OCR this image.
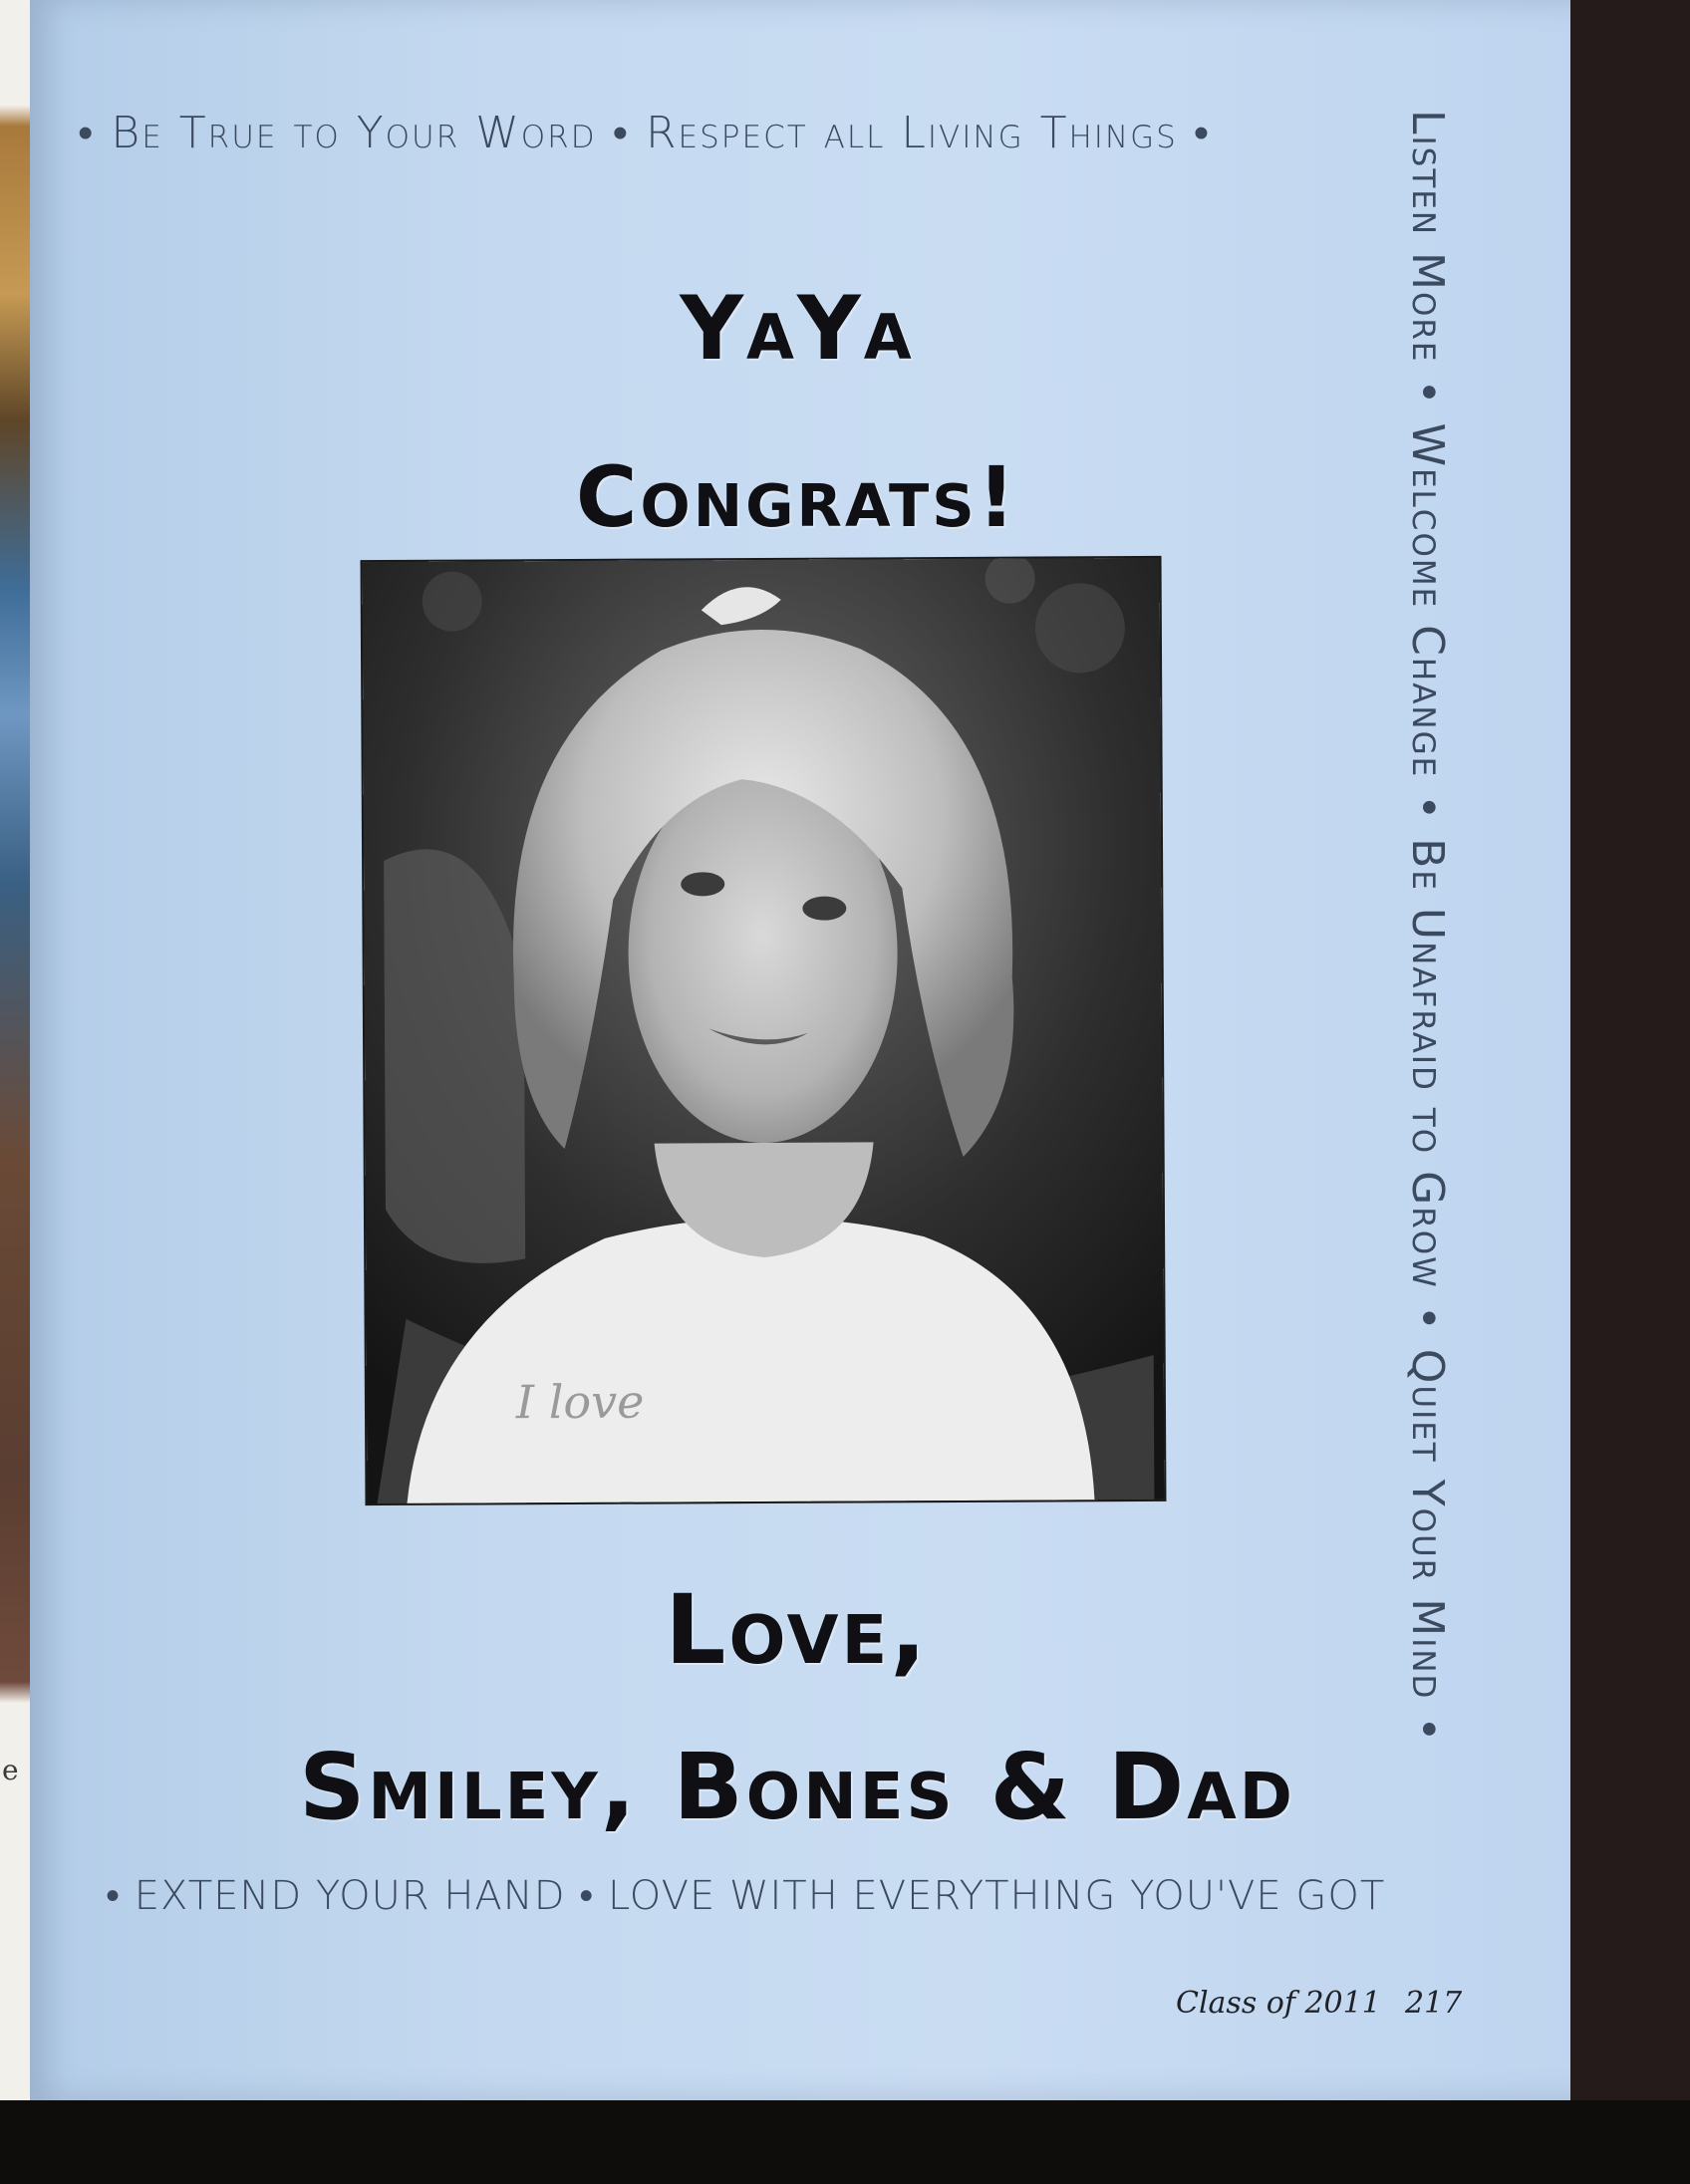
e
• Be True to Your Word • Respect all Living Things •	Listen More • Welcome Change • Be Unafraid to Grow • Quiet Your Mind •
YaYa
Congrats!
I love
Love,
Smiley, Bones & Dad
• EXTEND YOUR HAND • LOVE WITH EVERYTHING YOU'VE GOT
Class of 2011 217
